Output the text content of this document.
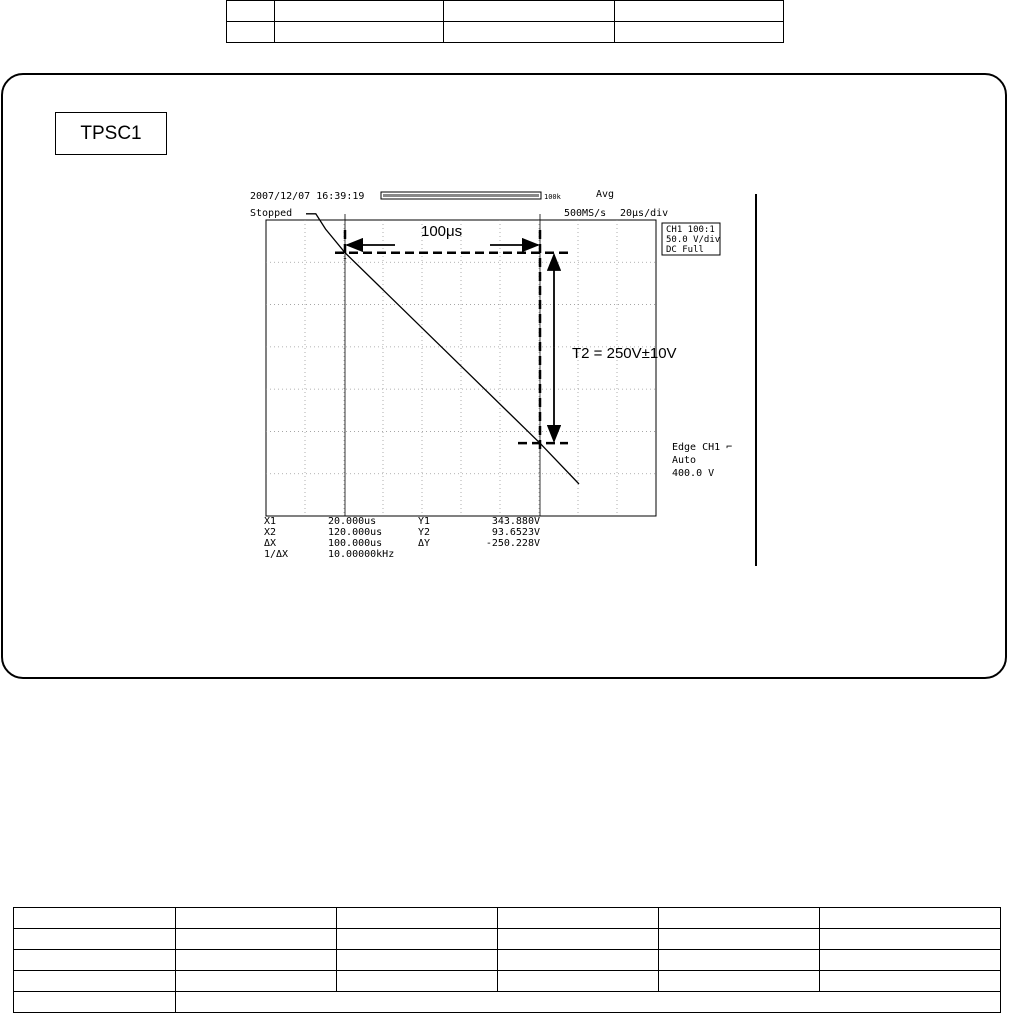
TPSC1
2007/12/07 16:39:19	100k	Avg
Stopped	500MS/s 20μs/div
CH1 100:1
50.0 V/div
DC Full
Edge CH1 ⌐
Auto
400.0 V
X1	20.000us	Y1	343.880V
X2	120.000us	Y2	93.6523V
ΔX	100.000us	ΔY	-250.228V
1/ΔX	10.00000kHz
100μs
T2 = 250V±10V
